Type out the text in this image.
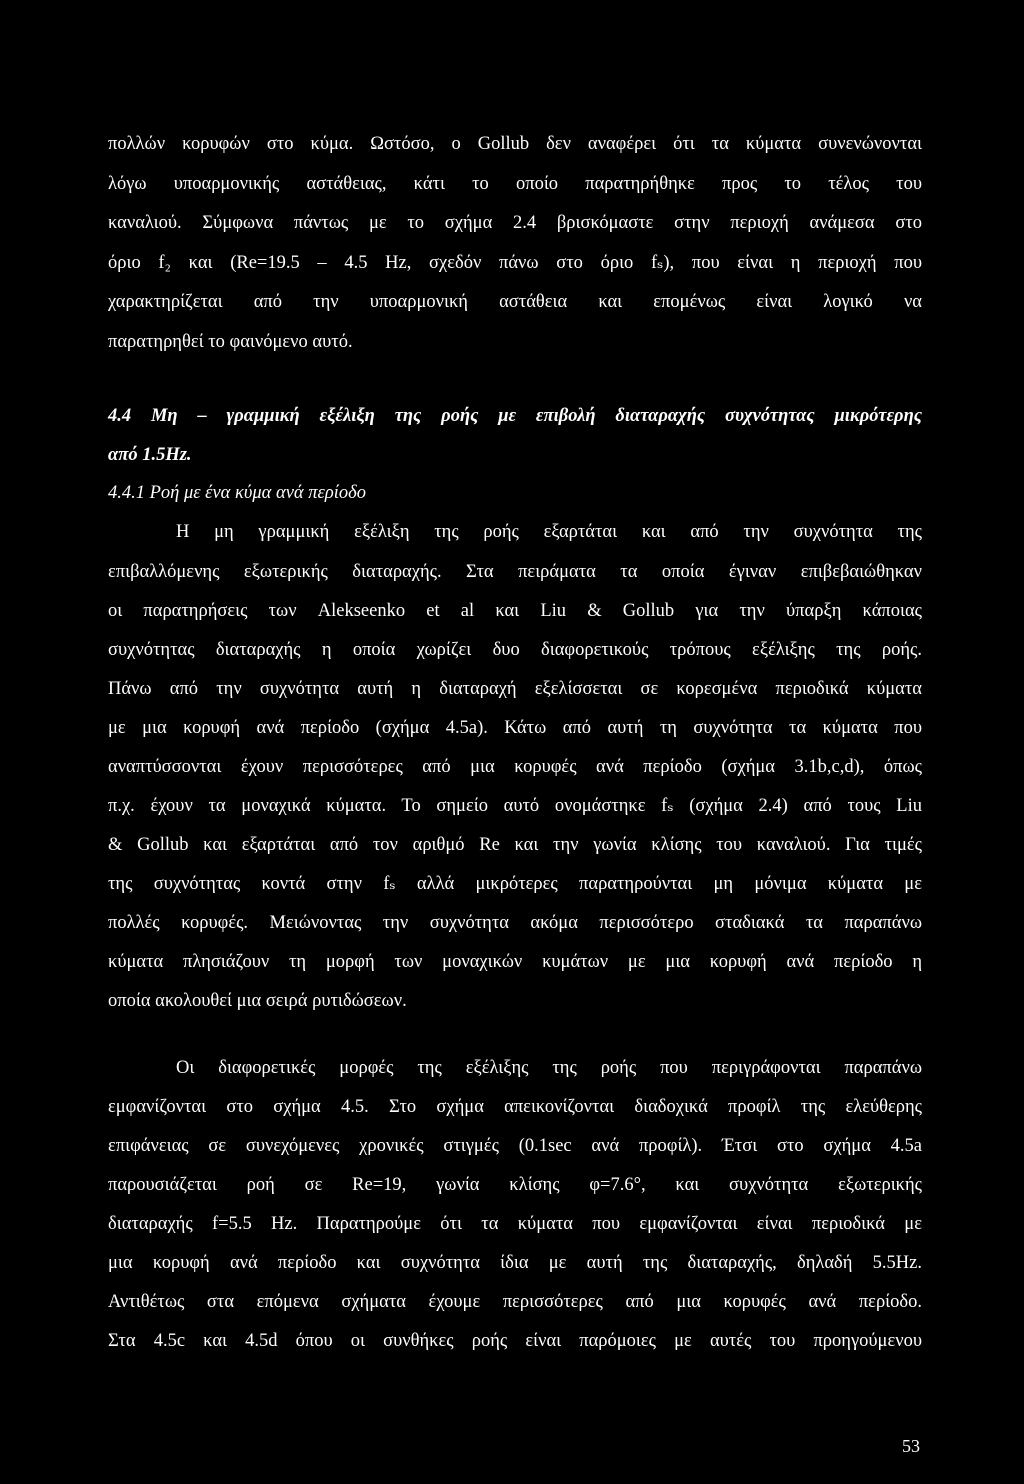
πολλών κορυφών στο κύμα. Ωστόσο, ο Gollub δεν αναφέρει ότι τα κύματα συνενώνονται
λόγω υποαρμονικής αστάθειας, κάτι το οποίο παρατηρήθηκε προς το τέλος του
καναλιού. Σύμφωνα πάντως με το σχήμα 2.4 βρισκόμαστε στην περιοχή ανάμεσα στο
όριο f₂ και (Re=19.5 – 4.5 Hz, σχεδόν πάνω στο όριο fₛ), που είναι η περιοχή που
χαρακτηρίζεται από την υποαρμονική αστάθεια και επομένως είναι λογικό να
παρατηρηθεί το φαινόμενο αυτό.
4.4 Μη – γραμμική εξέλιξη της ροής με επιβολή διαταραχής συχνότητας μικρότερης
από 1.5Hz.
4.4.1 Ροή με ένα κύμα ανά περίοδο
Η μη γραμμική εξέλιξη της ροής εξαρτάται και από την συχνότητα της
επιβαλλόμενης εξωτερικής διαταραχής. Στα πειράματα τα οποία έγιναν επιβεβαιώθηκαν
οι παρατηρήσεις των Alekseenko et al και Liu & Gollub για την ύπαρξη κάποιας
συχνότητας διαταραχής η οποία χωρίζει δυο διαφορετικούς τρόπους εξέλιξης της ροής.
Πάνω από την συχνότητα αυτή η διαταραχή εξελίσσεται σε κορεσμένα περιοδικά κύματα
με μια κορυφή ανά περίοδο (σχήμα 4.5a). Κάτω από αυτή τη συχνότητα τα κύματα που
αναπτύσσονται έχουν περισσότερες από μια κορυφές ανά περίοδο (σχήμα 3.1b,c,d), όπως
π.χ. έχουν τα μοναχικά κύματα. Το σημείο αυτό ονομάστηκε fₛ (σχήμα 2.4) από τους Liu
& Gollub και εξαρτάται από τον αριθμό Re και την γωνία κλίσης του καναλιού. Για τιμές
της συχνότητας κοντά στην fₛ αλλά μικρότερες παρατηρούνται μη μόνιμα κύματα με
πολλές κορυφές. Μειώνοντας την συχνότητα ακόμα περισσότερο σταδιακά τα παραπάνω
κύματα πλησιάζουν τη μορφή των μοναχικών κυμάτων με μια κορυφή ανά περίοδο η
οποία ακολουθεί μια σειρά ρυτιδώσεων.
Οι διαφορετικές μορφές της εξέλιξης της ροής που περιγράφονται παραπάνω
εμφανίζονται στο σχήμα 4.5. Στο σχήμα απεικονίζονται διαδοχικά προφίλ της ελεύθερης
επιφάνειας σε συνεχόμενες χρονικές στιγμές (0.1sec ανά προφίλ). Έτσι στο σχήμα 4.5a
παρουσιάζεται ροή σε Re=19, γωνία κλίσης φ=7.6°, και συχνότητα εξωτερικής
διαταραχής f=5.5 Hz. Παρατηρούμε ότι τα κύματα που εμφανίζονται είναι περιοδικά με
μια κορυφή ανά περίοδο και συχνότητα ίδια με αυτή της διαταραχής, δηλαδή 5.5Hz.
Αντιθέτως στα επόμενα σχήματα έχουμε περισσότερες από μια κορυφές ανά περίοδο.
Στα 4.5c και 4.5d όπου οι συνθήκες ροής είναι παρόμοιες με αυτές του προηγούμενου
53
